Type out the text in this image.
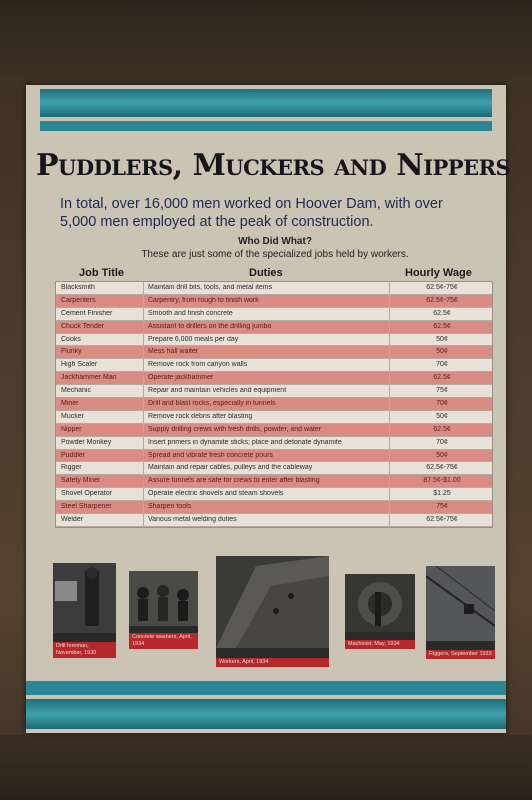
Puddlers, Muckers and Nippers
In total, over 16,000 men worked on Hoover Dam, with over 5,000 men employed at the peak of construction.
Who Did What?
These are just some of the specialized jobs held by workers.
Job Title	Duties	Hourly Wage
Blacksmith	Maintain drill bits, tools, and metal items	62.5¢-75¢
Carpenters	Carpentry, from rough to finish work	62.5¢-75¢
Cement Finisher	Smooth and finish concrete	62.5¢
Chuck Tender	Assistant to drillers on the drilling jumbo	62.5¢
Cooks	Prepare 6,000 meals per day	50¢
Flunky	Mess hall waiter	50¢
High Scaler	Remove rock from canyon walls	70¢
Jackhammer Man	Operate jackhammer	62.5¢
Mechanic	Repair and maintain vehicles and equipment	75¢
Miner	Drill and blast rocks, especially in tunnels	70¢
Mucker	Remove rock debris after blasting	50¢
Nipper	Supply drilling crews with fresh drills, powder, and water	62.5¢
Powder Monkey	Insert primers in dynamite sticks; place and detonate dynamite	70¢
Puddler	Spread and vibrate fresh concrete pours	50¢
Rigger	Maintain and repair cables, pulleys and the cableway	62.5¢-75¢
Safety Miner	Assure tunnels are safe for crews to enter after blasting	87.5¢-$1.00
Shovel Operator	Operate electric shovels and steam shovels	$1.25
Steel Sharpener	Sharpen tools	75¢
Welder	Various metal welding duties	62.5¢-75¢
Drill foreman, November, 1930
Concrete washers, April, 1934
Workers, April, 1934
Machinist, May, 1934
Riggers, September 1933
